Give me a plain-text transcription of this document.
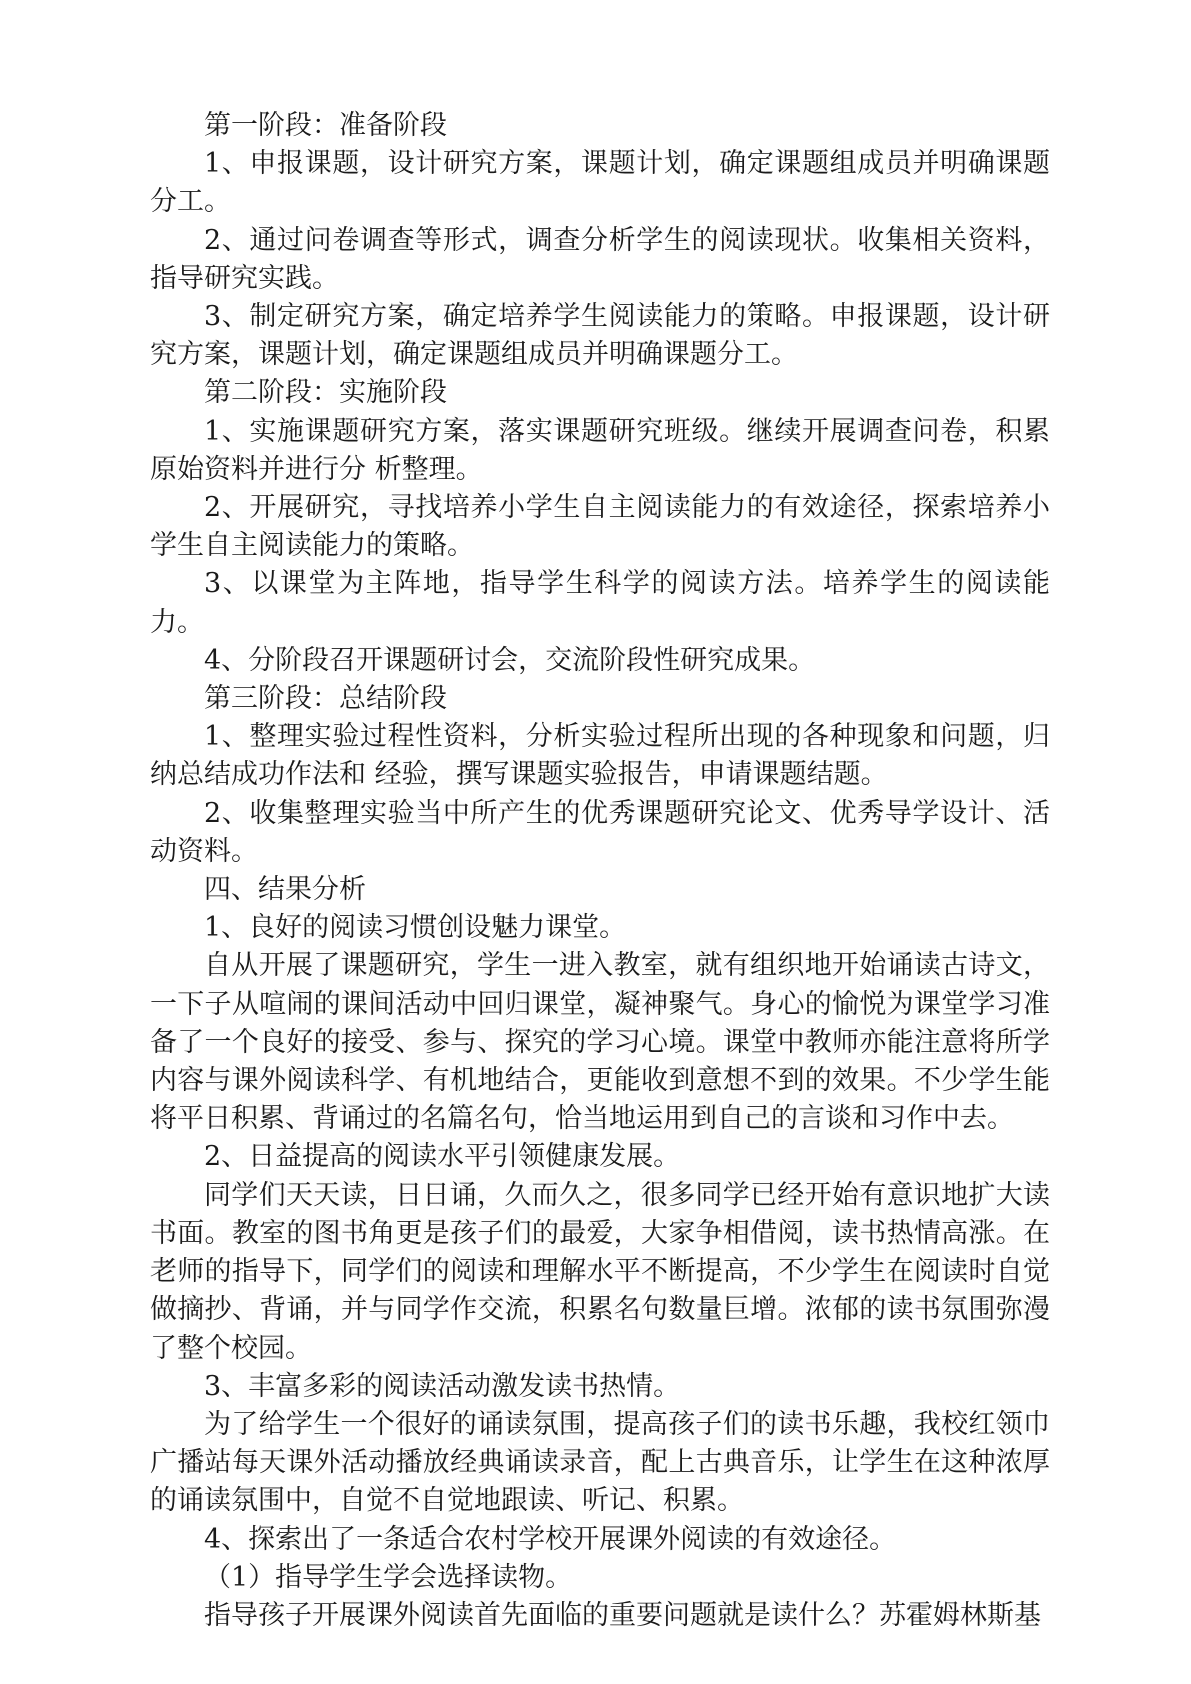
第一阶段：准备阶段

1、申报课题，设计研究方案，课题计划，确定课题组成员并明确课题分工。

2、通过问卷调查等形式，调查分析学生的阅读现状。收集相关资料，指导研究实践。

3、制定研究方案，确定培养学生阅读能力的策略。申报课题，设计研究方案，课题计划，确定课题组成员并明确课题分工。

第二阶段：实施阶段

1、实施课题研究方案，落实课题研究班级。继续开展调查问卷，积累原始资料并进行分 析整理。

2、开展研究，寻找培养小学生自主阅读能力的有效途径，探索培养小学生自主阅读能力的策略。

3、以课堂为主阵地，指导学生科学的阅读方法。培养学生的阅读能力。

4、分阶段召开课题研讨会，交流阶段性研究成果。

第三阶段：总结阶段

1、整理实验过程性资料，分析实验过程所出现的各种现象和问题，归纳总结成功作法和 经验，撰写课题实验报告，申请课题结题。

2、收集整理实验当中所产生的优秀课题研究论文、优秀导学设计、活动资料。

四、结果分析

1、良好的阅读习惯创设魅力课堂。

自从开展了课题研究，学生一进入教室，就有组织地开始诵读古诗文，一下子从喧闹的课间活动中回归课堂，凝神聚气。身心的愉悦为课堂学习准备了一个良好的接受、参与、探究的学习心境。课堂中教师亦能注意将所学内容与课外阅读科学、有机地结合，更能收到意想不到的效果。不少学生能将平日积累、背诵过的名篇名句，恰当地运用到自己的言谈和习作中去。

2、日益提高的阅读水平引领健康发展。

同学们天天读，日日诵，久而久之，很多同学已经开始有意识地扩大读书面。教室的图书角更是孩子们的最爱，大家争相借阅，读书热情高涨。在老师的指导下，同学们的阅读和理解水平不断提高，不少学生在阅读时自觉做摘抄、背诵，并与同学作交流，积累名句数量巨增。浓郁的读书氛围弥漫了整个校园。

3、丰富多彩的阅读活动激发读书热情。

为了给学生一个很好的诵读氛围，提高孩子们的读书乐趣，我校红领巾广播站每天课外活动播放经典诵读录音，配上古典音乐，让学生在这种浓厚的诵读氛围中，自觉不自觉地跟读、听记、积累。

4、探索出了一条适合农村学校开展课外阅读的有效途径。

（1）指导学生学会选择读物。

指导孩子开展课外阅读首先面临的重要问题就是读什么？苏霍姆林斯基
